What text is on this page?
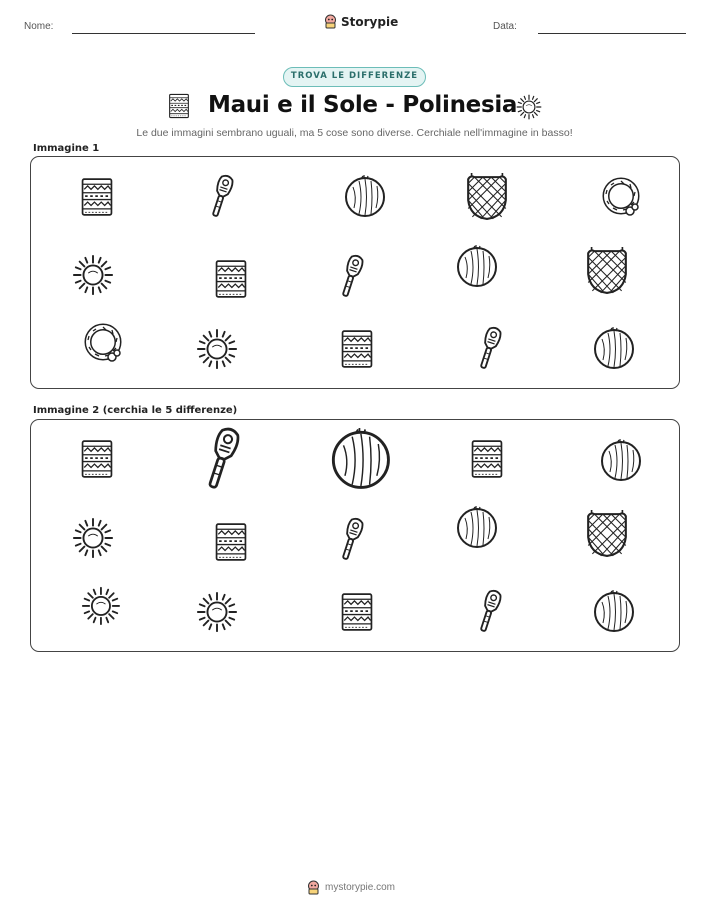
Nome:	Storypie	Data:
TROVA LE DIFFERENZE
Maui e il Sole - Polinesia
Le due immagini sembrano uguali, ma 5 cose sono diverse. Cerchiale nell'immagine in basso!
Immagine 1
Immagine 2 (cerchia le 5 differenze)
mystorypie.com
